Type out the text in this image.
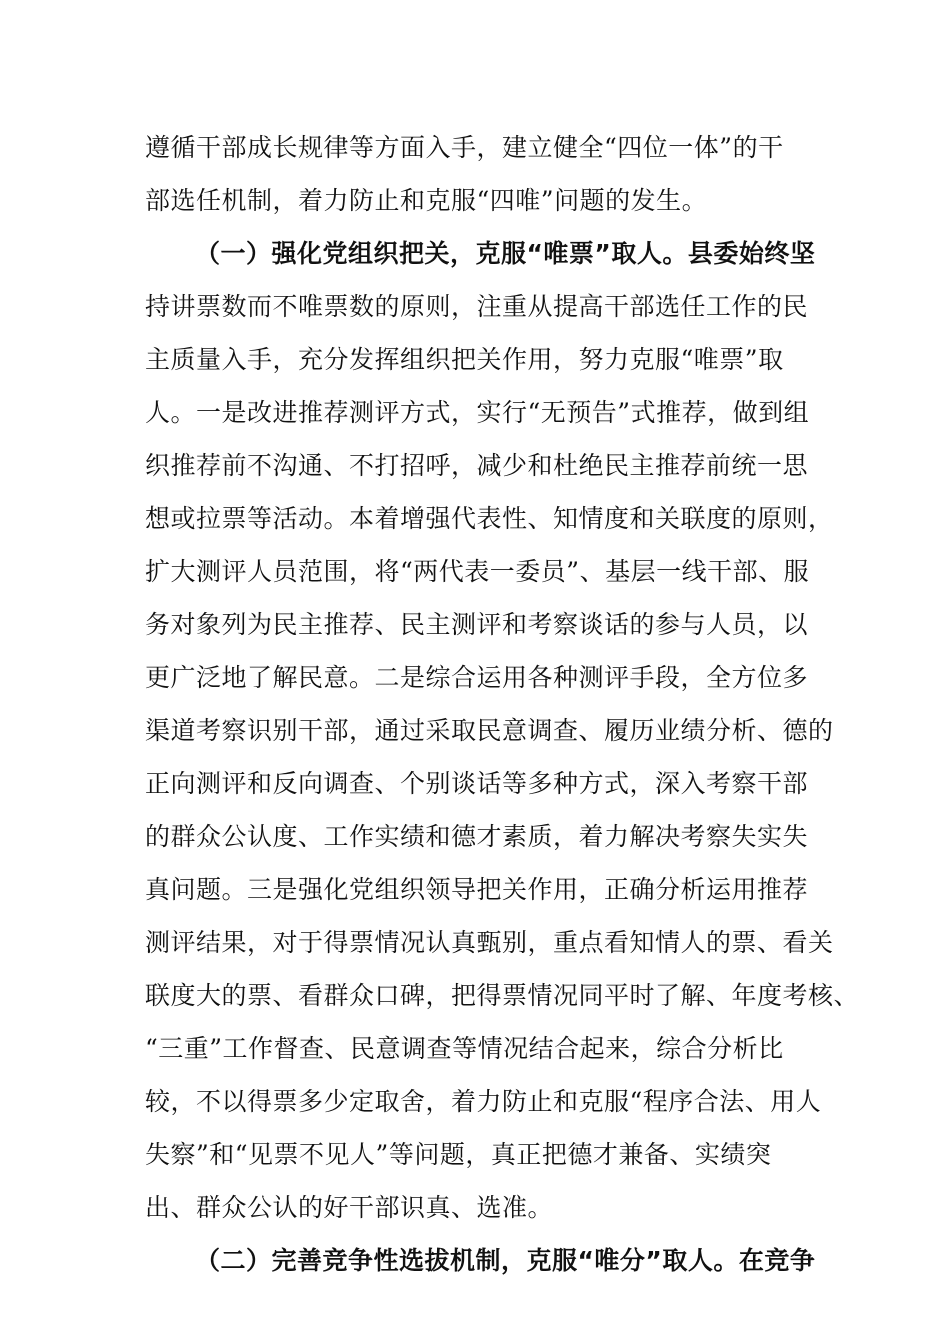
遵循干部成长规律等方面入手，建立健全“四位一体”的干
部选任机制，着力防止和克服“四唯”问题的发生。
（一）强化党组织把关，克服“唯票”取人。县委始终坚
持讲票数而不唯票数的原则，注重从提高干部选任工作的民
主质量入手，充分发挥组织把关作用，努力克服“唯票”取
人。一是改进推荐测评方式，实行“无预告”式推荐，做到组
织推荐前不沟通、不打招呼，减少和杜绝民主推荐前统一思
想或拉票等活动。本着增强代表性、知情度和关联度的原则，
扩大测评人员范围，将“两代表一委员”、基层一线干部、服
务对象列为民主推荐、民主测评和考察谈话的参与人员，以
更广泛地了解民意。二是综合运用各种测评手段，全方位多
渠道考察识别干部，通过采取民意调查、履历业绩分析、德的
正向测评和反向调查、个别谈话等多种方式，深入考察干部
的群众公认度、工作实绩和德才素质，着力解决考察失实失
真问题。三是强化党组织领导把关作用，正确分析运用推荐
测评结果，对于得票情况认真甄别，重点看知情人的票、看关
联度大的票、看群众口碑，把得票情况同平时了解、年度考核、
“三重”工作督查、民意调查等情况结合起来，综合分析比
较，不以得票多少定取舍，着力防止和克服“程序合法、用人
失察”和“见票不见人”等问题，真正把德才兼备、实绩突
出、群众公认的好干部识真、选准。
（二）完善竞争性选拔机制，克服“唯分”取人。在竞争
